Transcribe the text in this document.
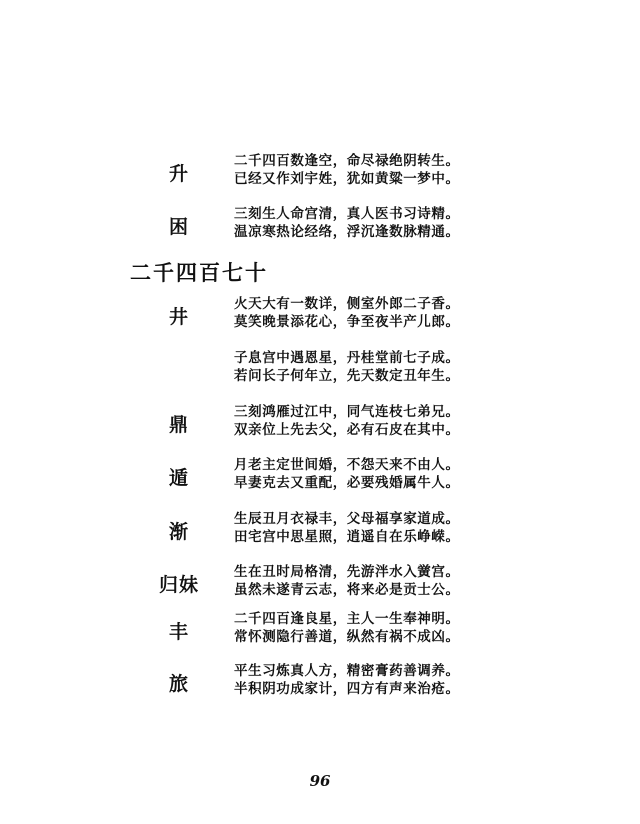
升
二千四百数逢空，命尽禄绝阴转生。
已经又作刘宇姓，犹如黄粱一梦中。
困
三刻生人命宫清，真人医书习诗精。
温凉寒热论经络，浮沉逢数脉精通。
二千四百七十
井
火天大有一数详，侧室外郎二子香。
莫笑晚景添花心，争至夜半产儿郎。
子息宫中遇恩星，丹桂堂前七子成。
若问长子何年立，先天数定丑年生。
鼎
三刻鸿雁过江中，同气连枝七弟兄。
双亲位上先去父，必有石皮在其中。
遁
月老主定世间婚，不怨天来不由人。
早妻克去又重配，必要残婚属牛人。
渐
生辰丑月衣禄丰，父母福享家道成。
田宅宫中思星照，逍遥自在乐峥嵘。
归妹
生在丑时局格清，先游泮水入黉宫。
虽然未遂青云志，将来必是贡士公。
丰
二千四百逢良星，主人一生奉神明。
常怀测隐行善道，纵然有祸不成凶。
旅
平生习炼真人方，精密膏药善调养。
半积阴功成家计，四方有声来治疮。
96
